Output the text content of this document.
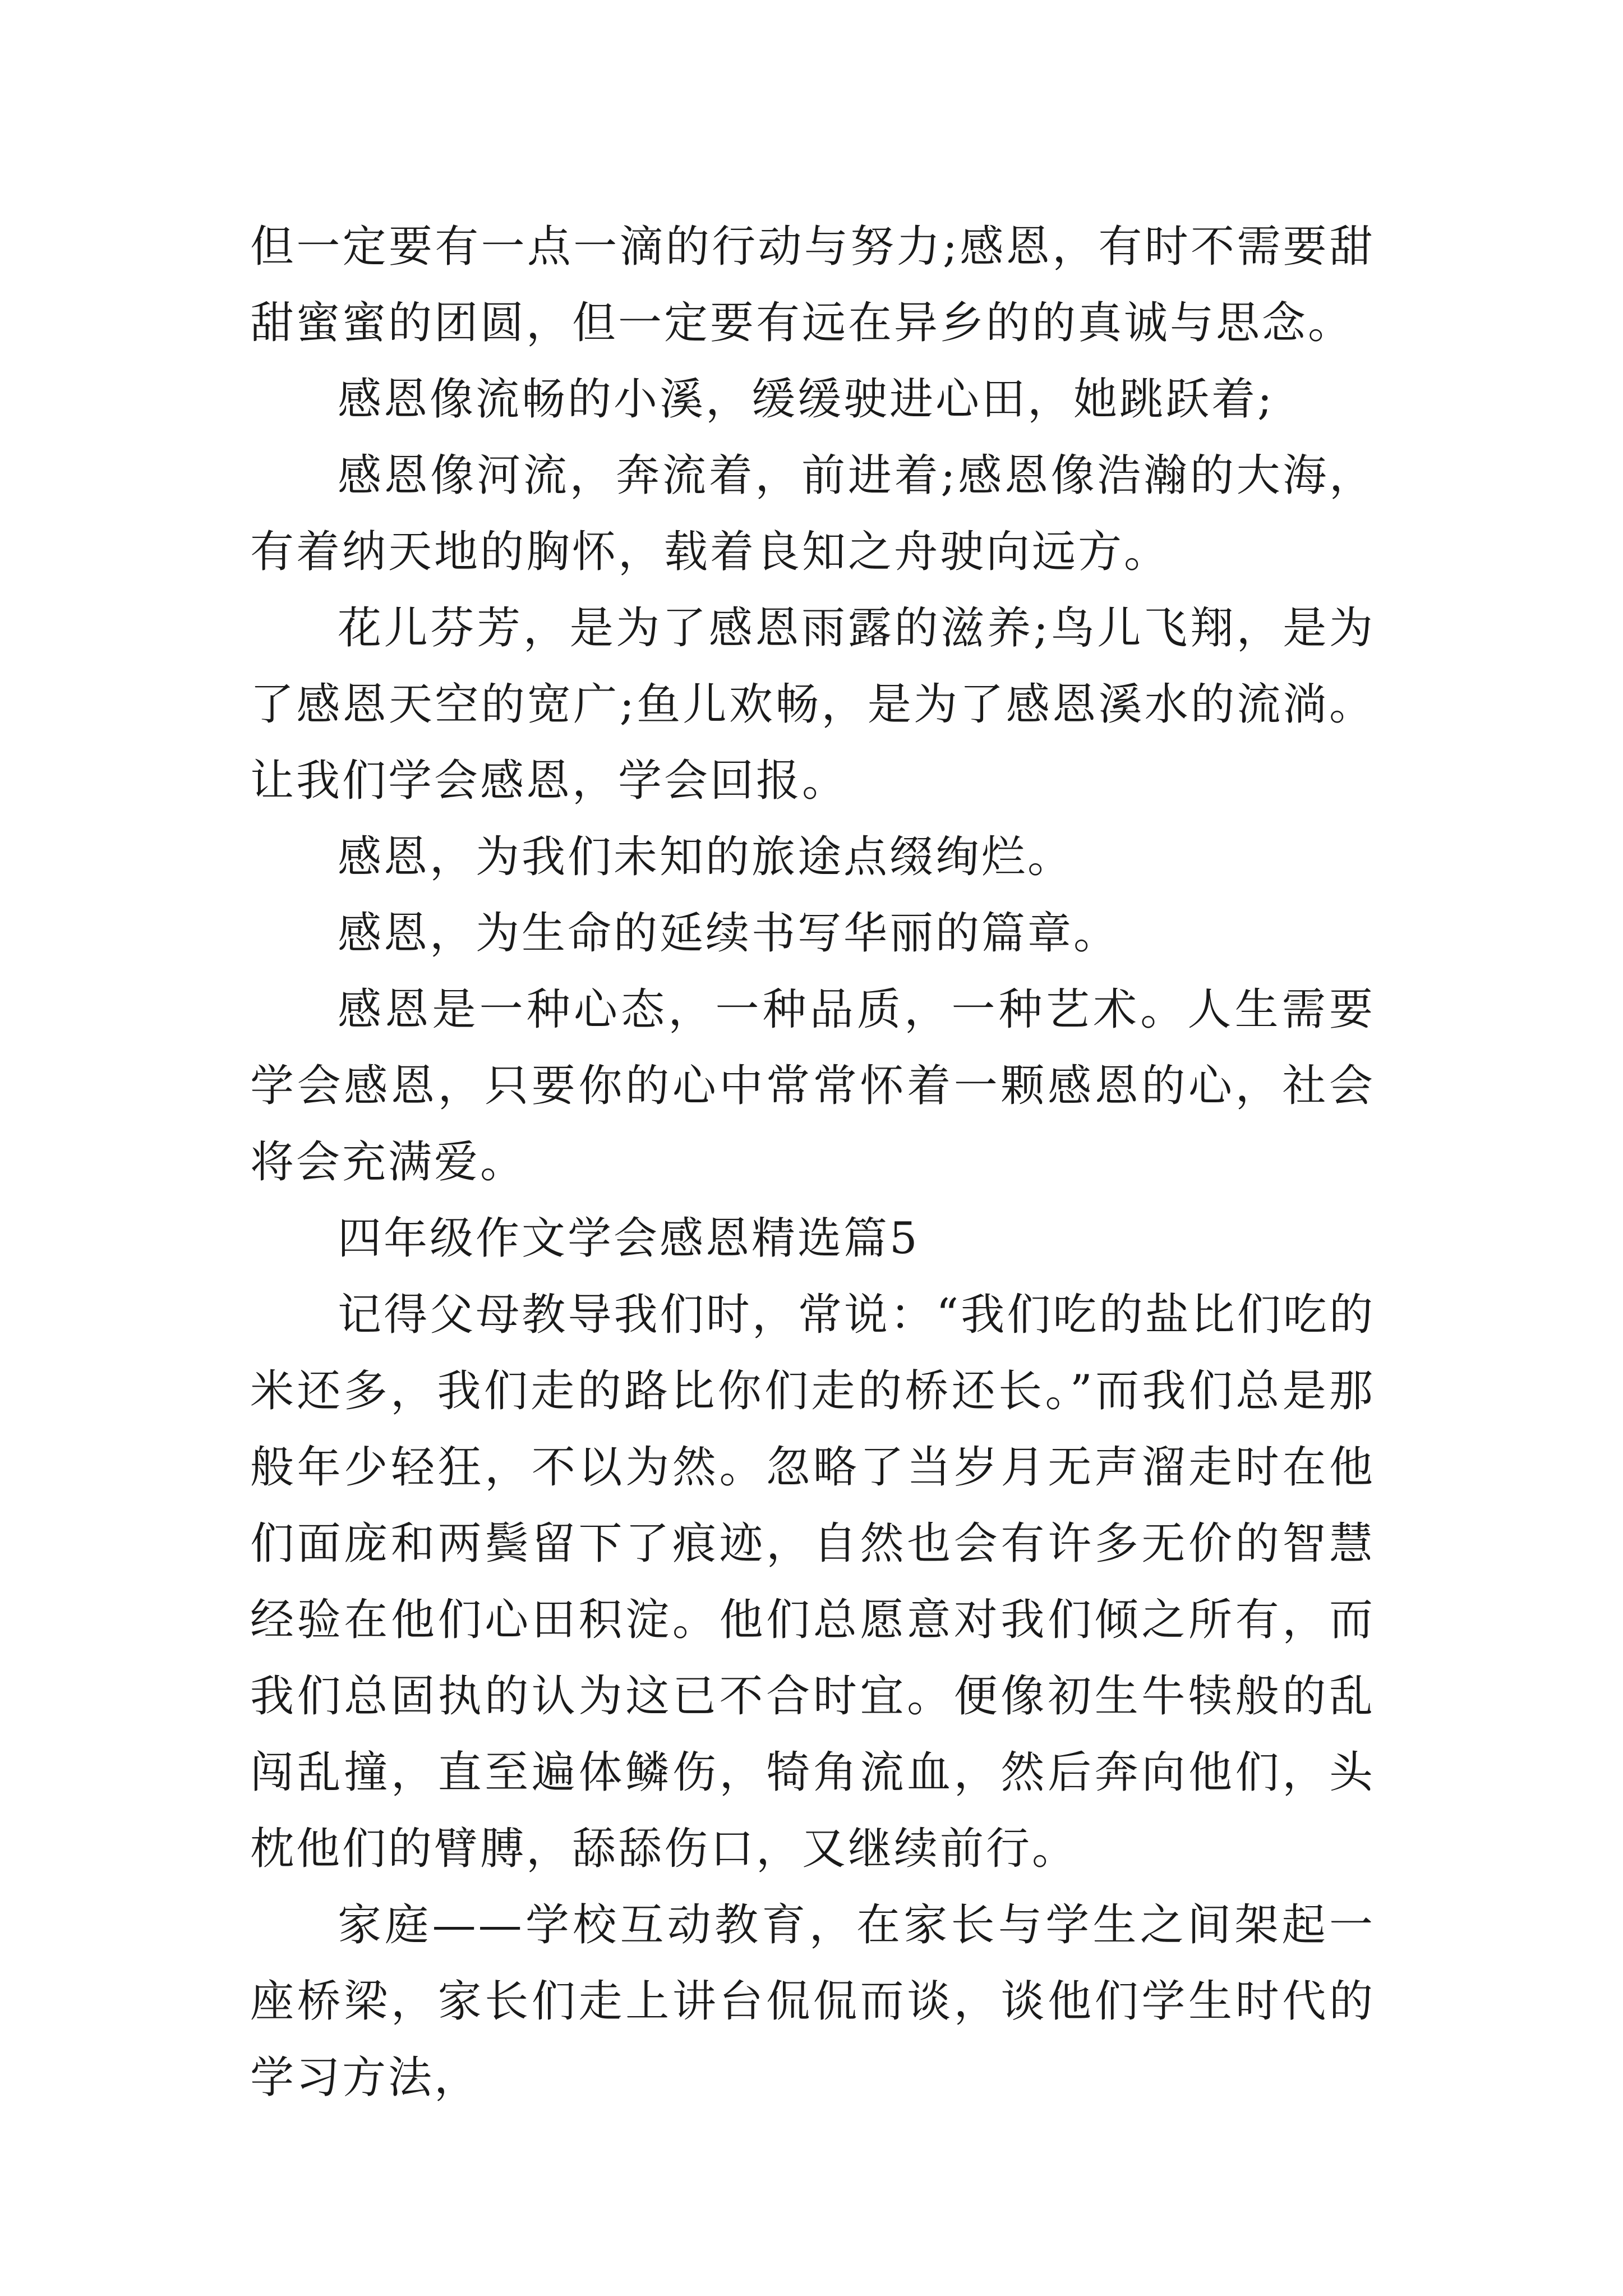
但一定要有一点一滴的行动与努力;感恩，有时不需要甜甜蜜蜜的团圆，但一定要有远在异乡的的真诚与思念。

感恩像流畅的小溪，缓缓驶进心田，她跳跃着;

感恩像河流，奔流着，前进着;感恩像浩瀚的大海，有着纳天地的胸怀，载着良知之舟驶向远方。

花儿芬芳，是为了感恩雨露的滋养;鸟儿飞翔，是为了感恩天空的宽广;鱼儿欢畅，是为了感恩溪水的流淌。让我们学会感恩，学会回报。

感恩，为我们未知的旅途点缀绚烂。

感恩，为生命的延续书写华丽的篇章。

感恩是一种心态，一种品质，一种艺术。人生需要学会感恩，只要你的心中常常怀着一颗感恩的心，社会将会充满爱。

四年级作文学会感恩精选篇5

记得父母教导我们时，常说：“我们吃的盐比们吃的米还多，我们走的路比你们走的桥还长。”而我们总是那般年少轻狂，不以为然。忽略了当岁月无声溜走时在他们面庞和两鬓留下了痕迹，自然也会有许多无价的智慧经验在他们心田积淀。他们总愿意对我们倾之所有，而我们总固执的认为这已不合时宜。便像初生牛犊般的乱闯乱撞，直至遍体鳞伤，犄角流血，然后奔向他们，头枕他们的臂膊，舔舔伤口，又继续前行。

家庭——学校互动教育，在家长与学生之间架起一座桥梁，家长们走上讲台侃侃而谈，谈他们学生时代的学习方法，
